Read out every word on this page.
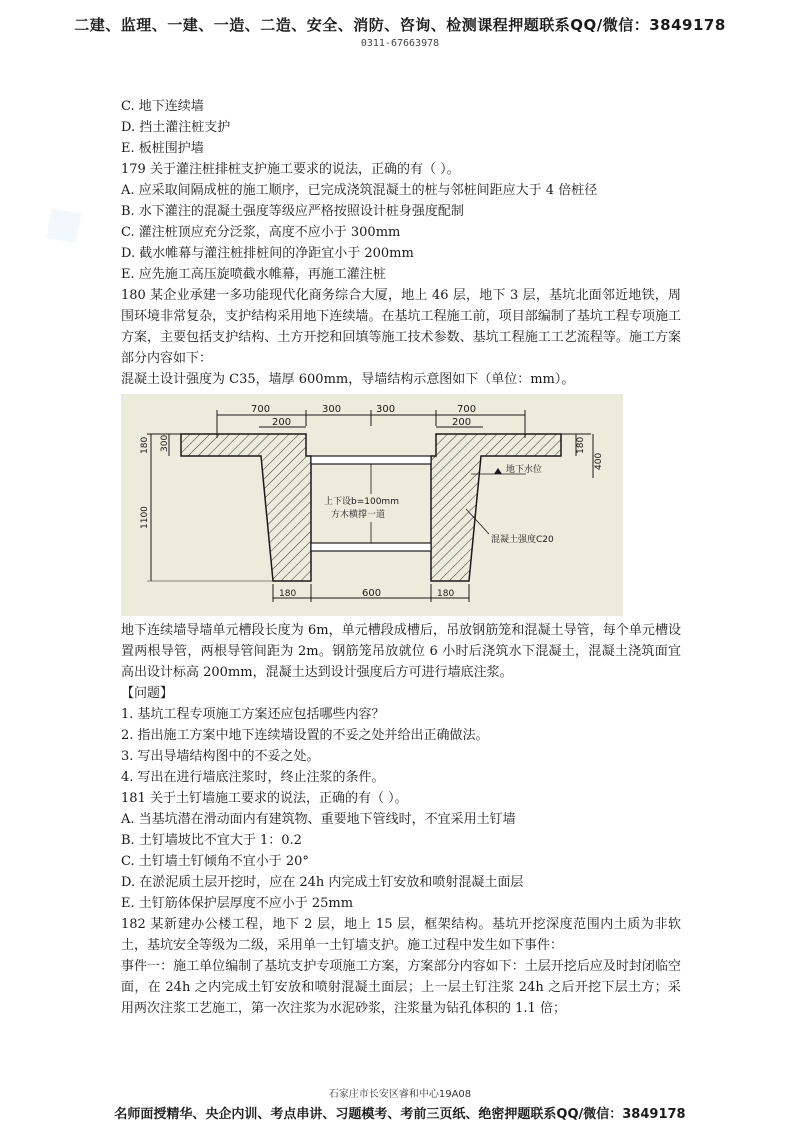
◆
二建、监理、一建、一造、二造、安全、消防、咨询、检测课程押题联系QQ/微信：3849178
0311-67663978
C. 地下连续墙
D. 挡土灌注桩支护
E. 板桩围护墙
179 关于灌注桩排桩支护施工要求的说法，正确的有（ ）。
A. 应采取间隔成桩的施工顺序，已完成浇筑混凝土的桩与邻桩间距应大于 4 倍桩径
B. 水下灌注的混凝土强度等级应严格按照设计桩身强度配制
C. 灌注桩顶应充分泛浆，高度不应小于 300mm
D. 截水帷幕与灌注桩排桩间的净距宜小于 200mm
E. 应先施工高压旋喷截水帷幕，再施工灌注桩
180 某企业承建一多功能现代化商务综合大厦，地上 46 层，地下 3 层，基坑北面邻近地铁，周围环境非常复杂，支护结构采用地下连续墙。在基坑工程施工前，项目部编制了基坑工程专项施工方案，主要包括支护结构、土方开挖和回填等施工技术参数、基坑工程施工工艺流程等。施工方案部分内容如下：
混凝土设计强度为 C35，墙厚 600mm，导墙结构示意图如下（单位：mm）。
700	300	300	700
200	200
上下设b=100mm
方木横撑一道
地下水位
混凝土强度C20
180 300
1100
180
400
180	600	180
地下连续墙导墙单元槽段长度为 6m，单元槽段成槽后，吊放钢筋笼和混凝土导管，每个单元槽设置两根导管，两根导管间距为 2m。钢筋笼吊放就位 6 小时后浇筑水下混凝土，混凝土浇筑面宜高出设计标高 200mm，混凝土达到设计强度后方可进行墙底注浆。
【问题】
1. 基坑工程专项施工方案还应包括哪些内容？
2. 指出施工方案中地下连续墙设置的不妥之处并给出正确做法。
3. 写出导墙结构图中的不妥之处。
4. 写出在进行墙底注浆时，终止注浆的条件。
181 关于土钉墙施工要求的说法，正确的有（ ）。
A. 当基坑潜在滑动面内有建筑物、重要地下管线时，不宜采用土钉墙
B. 土钉墙坡比不宜大于 1：0.2
C. 土钉墙土钉倾角不宜小于 20°
D. 在淤泥质土层开挖时，应在 24h 内完成土钉安放和喷射混凝土面层
E. 土钉筋体保护层厚度不应小于 25mm
182 某新建办公楼工程，地下 2 层，地上 15 层，框架结构。基坑开挖深度范围内土质为非软土，基坑安全等级为二级，采用单一土钉墙支护。施工过程中发生如下事件：
事件一：施工单位编制了基坑支护专项施工方案，方案部分内容如下：土层开挖后应及时封闭临空面，在 24h 之内完成土钉安放和喷射混凝土面层；上一层土钉注浆 24h 之后开挖下层土方；采用两次注浆工艺施工，第一次注浆为水泥砂浆，注浆量为钻孔体积的 1.1 倍；
石家庄市长安区睿和中心19A08
名师面授精华、央企内训、考点串讲、习题模考、考前三页纸、绝密押题联系QQ/微信：3849178
